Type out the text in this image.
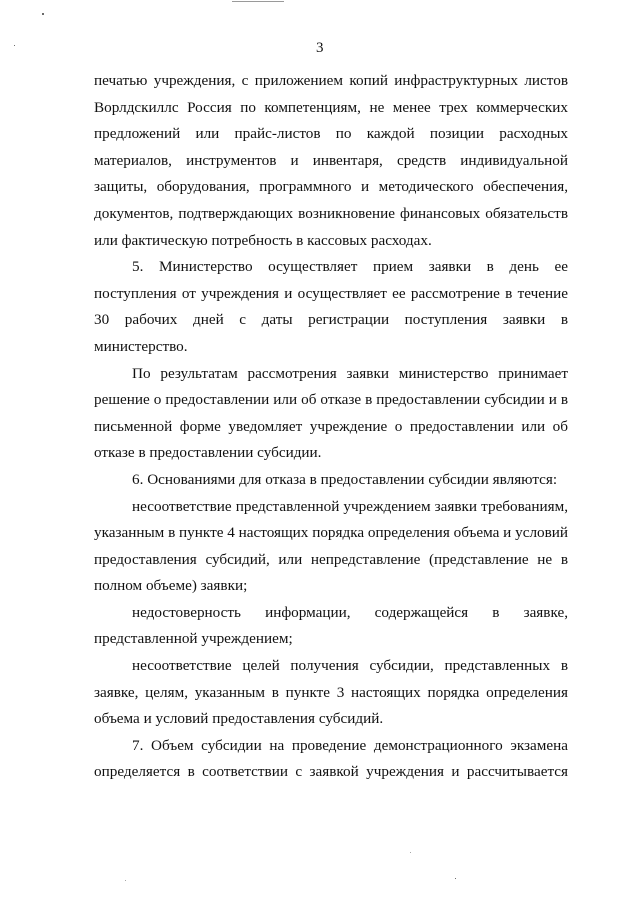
3
печатью учреждения, с приложением копий инфраструктурных листов
Ворлдскиллс Россия по компетенциям, не менее трех коммерческих
предложений или прайс-листов по каждой позиции расходных
материалов, инструментов и инвентаря, средств индивидуальной
защиты, оборудования, программного и методического обеспечения,
документов, подтверждающих возникновение финансовых обязательств
или фактическую потребность в кассовых расходах.
5. Министерство осуществляет прием заявки в день ее
поступления от учреждения и осуществляет ее рассмотрение в течение
30 рабочих дней с даты регистрации поступления заявки в
министерство.
По результатам рассмотрения заявки министерство принимает
решение о предоставлении или об отказе в предоставлении субсидии и в
письменной форме уведомляет учреждение о предоставлении или об
отказе в предоставлении субсидии.
6. Основаниями для отказа в предоставлении субсидии являются:
несоответствие представленной учреждением заявки требованиям,
указанным в пункте 4 настоящих порядка определения объема и условий
предоставления субсидий, или непредставление (представление не в
полном объеме) заявки;
недостоверность информации, содержащейся в заявке,
представленной учреждением;
несоответствие целей получения субсидии, представленных в
заявке, целям, указанным в пункте 3 настоящих порядка определения
объема и условий предоставления субсидий.
7. Объем субсидии на проведение демонстрационного экзамена
определяется в соответствии с заявкой учреждения и рассчитывается
